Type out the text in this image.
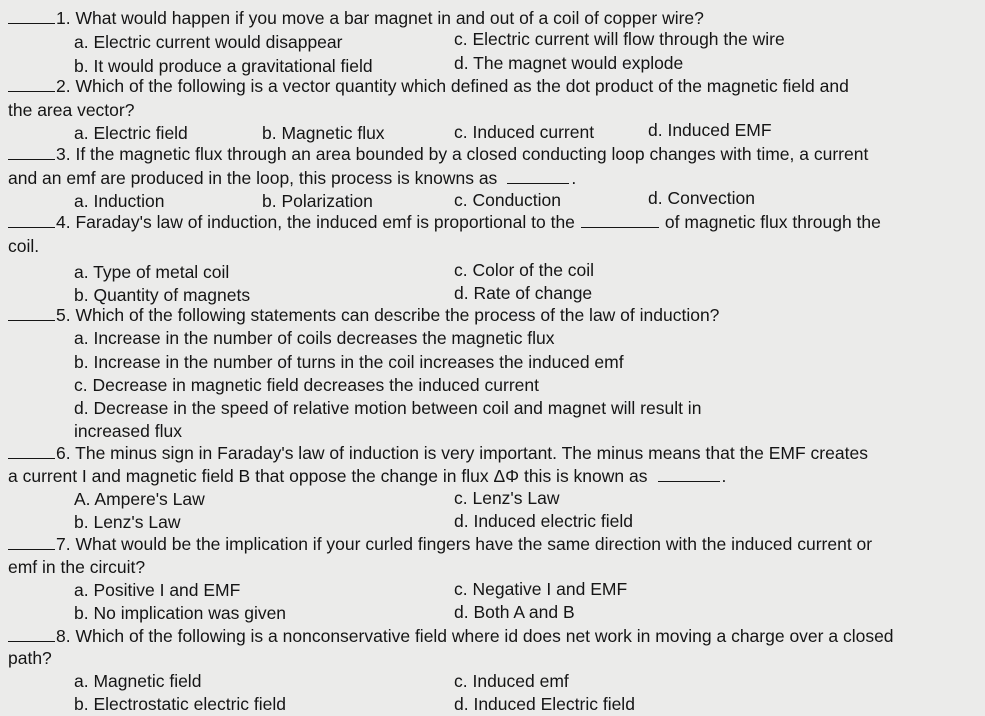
1. What would happen if you move a bar magnet in and out of a coil of copper wire?
a. Electric current would disappear	c. Electric current will flow through the wire
b. It would produce a gravitational field	d. The magnet would explode
2. Which of the following is a vector quantity which defined as the dot product of the magnetic field and
the area vector?
a. Electric field	b. Magnetic flux	c. Induced current	d. Induced EMF
3. If the magnetic flux through an area bounded by a closed conducting loop changes with time, a current
and an emf are produced in the loop, this process is knowns as	.
a. Induction	b. Polarization	c. Conduction	d. Convection
4. Faraday's law of induction, the induced emf is proportional to the	of magnetic flux through the
coil.
a. Type of metal coil	c. Color of the coil
b. Quantity of magnets	d. Rate of change
5. Which of the following statements can describe the process of the law of induction?
a. Increase in the number of coils decreases the magnetic flux
b. Increase in the number of turns in the coil increases the induced emf
c. Decrease in magnetic field decreases the induced current
d. Decrease in the speed of relative motion between coil and magnet will result in
increased flux
6. The minus sign in Faraday's law of induction is very important. The minus means that the EMF creates
a current I and magnetic field B that oppose the change in flux ΔΦ this is known as	.
A. Ampere's Law	c. Lenz's Law
b. Lenz's Law	d. Induced electric field
7. What would be the implication if your curled fingers have the same direction with the induced current or
emf in the circuit?
a. Positive I and EMF	c. Negative I and EMF
b. No implication was given	d. Both A and B
8. Which of the following is a nonconservative field where id does net work in moving a charge over a closed
path?
a. Magnetic field	c. Induced emf
b. Electrostatic electric field	d. Induced Electric field
